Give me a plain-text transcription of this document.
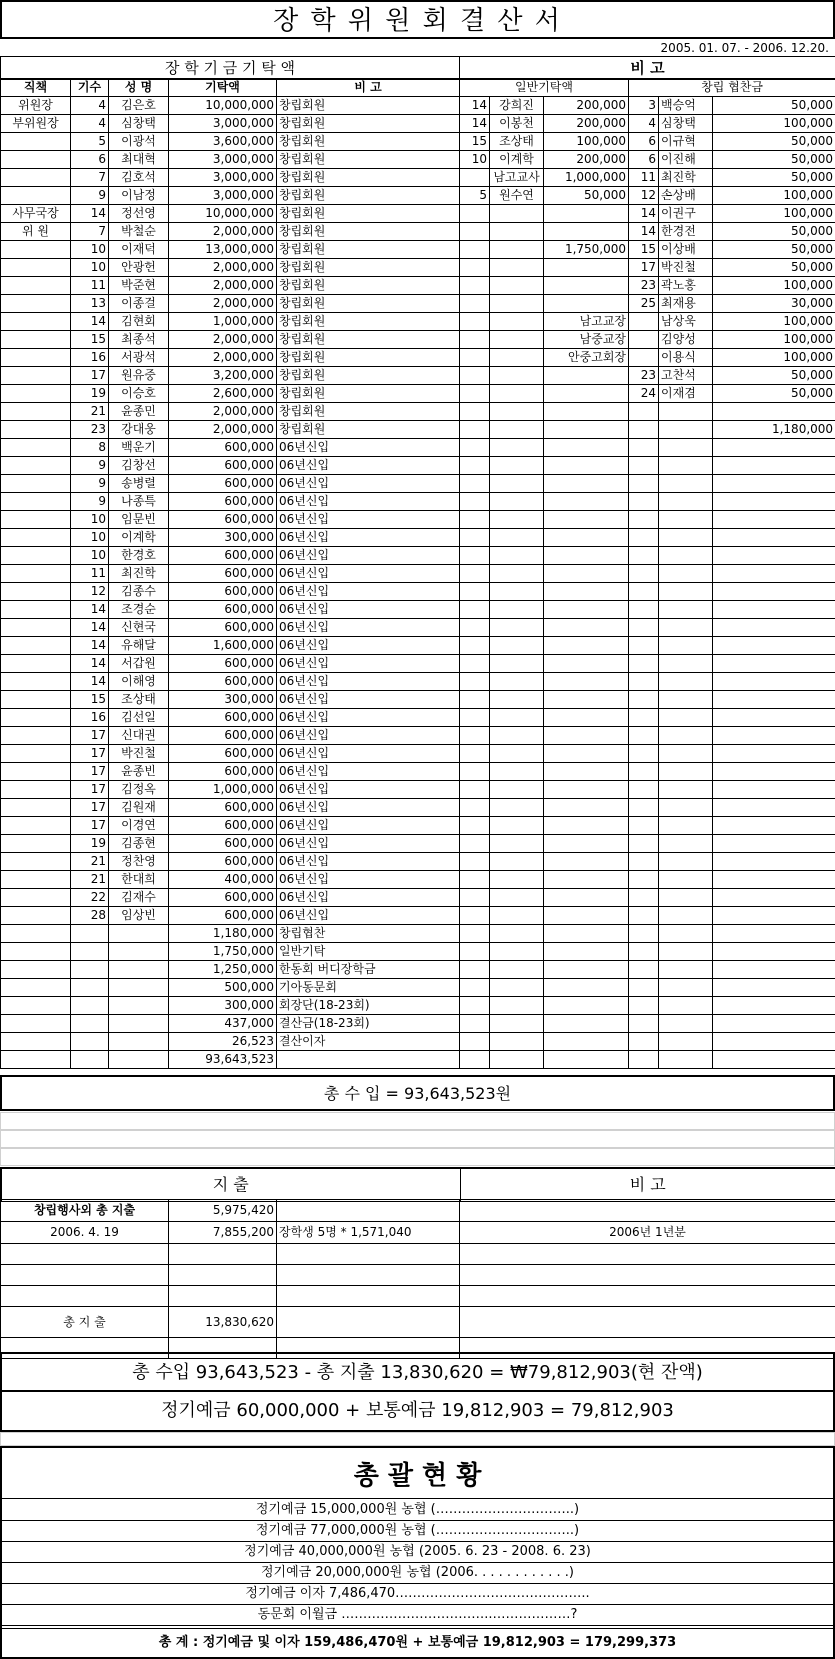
장 학 위 원 회 결 산 서
2005. 01. 07. - 2006. 12.20.
장 학 기 금 기 탁 액	비 고
직책	기수	성 명	기탁액	비 고	일반기탁액			창립 협찬금		
위원장	4	김은호	10,000,000	창립회원	14	강희진	200,000	3	백승억	50,000
부위원장	4	심창택	3,000,000	창립회원	14	이봉천	200,000	4	심창택	100,000
	5	이광석	3,600,000	창립회원	15	조상태	100,000	6	이규혁	50,000
	6	최대혁	3,000,000	창립회원	10	이계학	200,000	6	이진해	50,000
	7	김호석	3,000,000	창립회원		남고교사	1,000,000	11	최진학	50,000
	9	이남정	3,000,000	창립회원	5	원수연	50,000	12	손상배	100,000
사무국장	14	정선영	10,000,000	창립회원				14	이권구	100,000
위 원	7	박철순	2,000,000	창립회원				14	한경전	50,000
	10	이재덕	13,000,000	창립회원			1,750,000	15	이상배	50,000
	10	안광헌	2,000,000	창립회원				17	박진철	50,000
	11	박준현	2,000,000	창립회원				23	곽노홍	100,000
	13	이종걸	2,000,000	창립회원				25	최재용	30,000
	14	김현회	1,000,000	창립회원			남고교장		남상욱	100,000
	15	최종석	2,000,000	창립회원			남중교장		김양성	100,000
	16	서광석	2,000,000	창립회원			안중고회장		이용식	100,000
	17	원유중	3,200,000	창립회원				23	고찬석	50,000
	19	이승호	2,600,000	창립회원				24	이재겸	50,000
	21	윤종민	2,000,000	창립회원						
	23	강대웅	2,000,000	창립회원						1,180,000
	8	백운기	600,000	06년신입						
	9	김창선	600,000	06년신입						
	9	송병렬	600,000	06년신입						
	9	나종특	600,000	06년신입						
	10	임문빈	600,000	06년신입						
	10	이계학	300,000	06년신입						
	10	한경호	600,000	06년신입						
	11	최진학	600,000	06년신입						
	12	김종수	600,000	06년신입						
	14	조경순	600,000	06년신입						
	14	신현국	600,000	06년신입						
	14	유해달	1,600,000	06년신입						
	14	서갑원	600,000	06년신입						
	14	이해영	600,000	06년신입						
	15	조상태	300,000	06년신입						
	16	김선일	600,000	06년신입						
	17	신대권	600,000	06년신입						
	17	박진철	600,000	06년신입						
	17	윤종빈	600,000	06년신입						
	17	김정옥	1,000,000	06년신입						
	17	김원재	600,000	06년신입						
	17	이경연	600,000	06년신입						
	19	김종현	600,000	06년신입						
	21	정찬영	600,000	06년신입						
	21	한대희	400,000	06년신입						
	22	김재수	600,000	06년신입						
	28	임상빈	600,000	06년신입						
			1,180,000	창립협찬						
			1,750,000	일반기탁						
			1,250,000	한동회 버디장학금						
			500,000	기아동문회						
			300,000	회장단(18-23회)						
			437,000	결산금(18-23회)						
			26,523	결산이자						
			93,643,523							
총 수 입 = 93,643,523원
지 출	비 고
창립행사외 총 지출	5,975,420		
2006. 4. 19	7,855,200	장학생 5명 * 1,571,040	2006년 1년분

총 지 출	13,830,620		

총 수입 93,643,523 - 총 지출 13,830,620 = ₩79,812,903(현 잔액)
정기예금 60,000,000 + 보통예금 19,812,903 = 79,812,903
총 괄 현 황
정기예금 15,000,000원 농협 (…………………………..)
정기예금 77,000,000원 농협 (…………………………..)
정기예금 40,000,000원 농협 (2005. 6. 23 - 2008. 6. 23)
정기예금 20,000,000원 농협 (2006. . . . . . . . . . . .)
정기예금 이자 7,486,470……………………………………...
동문회 이월금 ……………………………..………………?
총 계 : 정기예금 및 이자 159,486,470원 + 보통예금 19,812,903 = 179,299,373
